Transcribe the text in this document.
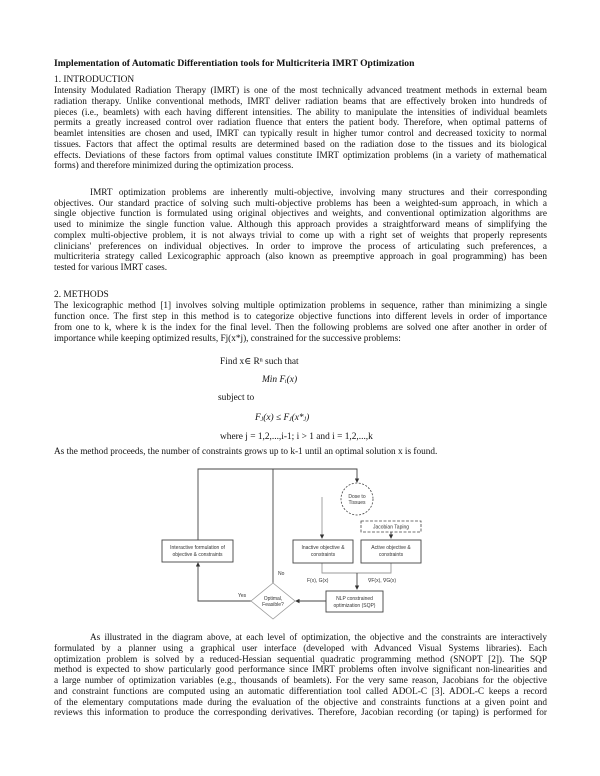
Implementation of Automatic Differentiation tools for Multicriteria IMRT Optimization
1. INTRODUCTION
Intensity Modulated Radiation Therapy (IMRT) is one of the most technically advanced treatment methods in external beam
radiation therapy. Unlike conventional methods, IMRT deliver radiation beams that are effectively broken into hundreds of
pieces (i.e., beamlets) with each having different intensities. The ability to manipulate the intensities of individual beamlets
permits a greatly increased control over radiation fluence that enters the patient body. Therefore, when optimal patterns of
beamlet intensities are chosen and used, IMRT can typically result in higher tumor control and decreased toxicity to normal
tissues. Factors that affect the optimal results are determined based on the radiation dose to the tissues and its biological
effects. Deviations of these factors from optimal values constitute IMRT optimization problems (in a variety of mathematical
forms) and therefore minimized during the optimization process.
IMRT optimization problems are inherently multi-objective, involving many structures and their corresponding
objectives. Our standard practice of solving such multi-objective problems has been a weighted-sum approach, in which a
single objective function is formulated using original objectives and weights, and conventional optimization algorithms are
used to minimize the single function value. Although this approach provides a straightforward means of simplifying the
complex multi-objective problem, it is not always trivial to come up with a right set of weights that properly represents
clinicians' preferences on individual objectives. In order to improve the process of articulating such preferences, a
multicriteria strategy called Lexicographic approach (also known as preemptive approach in goal programming) has been
tested for various IMRT cases.
2. METHODS
The lexicographic method [1] involves solving multiple optimization problems in sequence, rather than minimizing a single
function once. The first step in this method is to categorize objective functions into different levels in order of importance
from one to k, where k is the index for the final level. Then the following problems are solved one after another in order of
importance while keeping optimized results, Fj(x*j), constrained for the successive problems:
Find x∈ Rⁿ such that
Min Fᵢ(x)
subject to
Fⱼ(x) ≤ Fⱼ(x*ⱼ)
where j = 1,2,...,i-1; i > 1 and i = 1,2,...,k
As the method proceeds, the number of constraints grows up to k-1 until an optimal solution x is found.
Dose to
Tissues
Jacobian Taping
Interactive formulation of
objective & constraints
Inactive objective &
constraints
Active objective &
constraints
No
F(x), G(x)	∇F(x), ∇G(x)
NLP constrained
optimization (SQP)
Optimal,
Feasible?
Yes
As illustrated in the diagram above, at each level of optimization, the objective and the constraints are interactively
formulated by a planner using a graphical user interface (developed with Advanced Visual Systems libraries). Each
optimization problem is solved by a reduced-Hessian sequential quadratic programming method (SNOPT [2]). The SQP
method is expected to show particularly good performance since IMRT problems often involve significant non-linearities and
a large number of optimization variables (e.g., thousands of beamlets). For the very same reason, Jacobians for the objective
and constraint functions are computed using an automatic differentiation tool called ADOL-C [3]. ADOL-C keeps a record
of the elementary computations made during the evaluation of the objective and constraints functions at a given point and
reviews this information to produce the corresponding derivatives. Therefore, Jacobian recording (or taping) is performed for
